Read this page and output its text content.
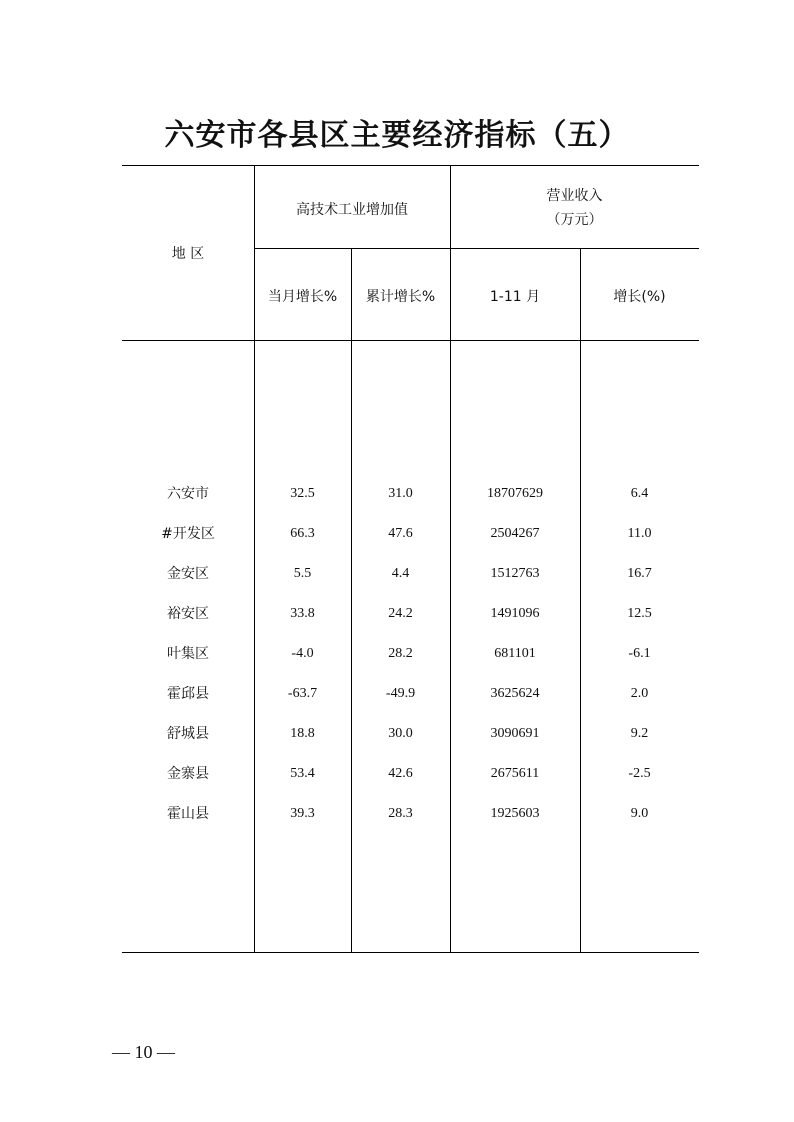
六安市各县区主要经济指标（五）
地 区
高技术工业增加值
营业收入
（万元）
当月增长%	累计增长%	1-11 月	增长(%)
六安市	32.5	31.0	18707629	6.4
#开发区	66.3	47.6	2504267	11.0
金安区	5.5	4.4	1512763	16.7
裕安区	33.8	24.2	1491096	12.5
叶集区	-4.0	28.2	681101	-6.1
霍邱县	-63.7	-49.9	3625624	2.0
舒城县	18.8	30.0	3090691	9.2
金寨县	53.4	42.6	2675611	-2.5
霍山县	39.3	28.3	1925603	9.0
— 10 —
